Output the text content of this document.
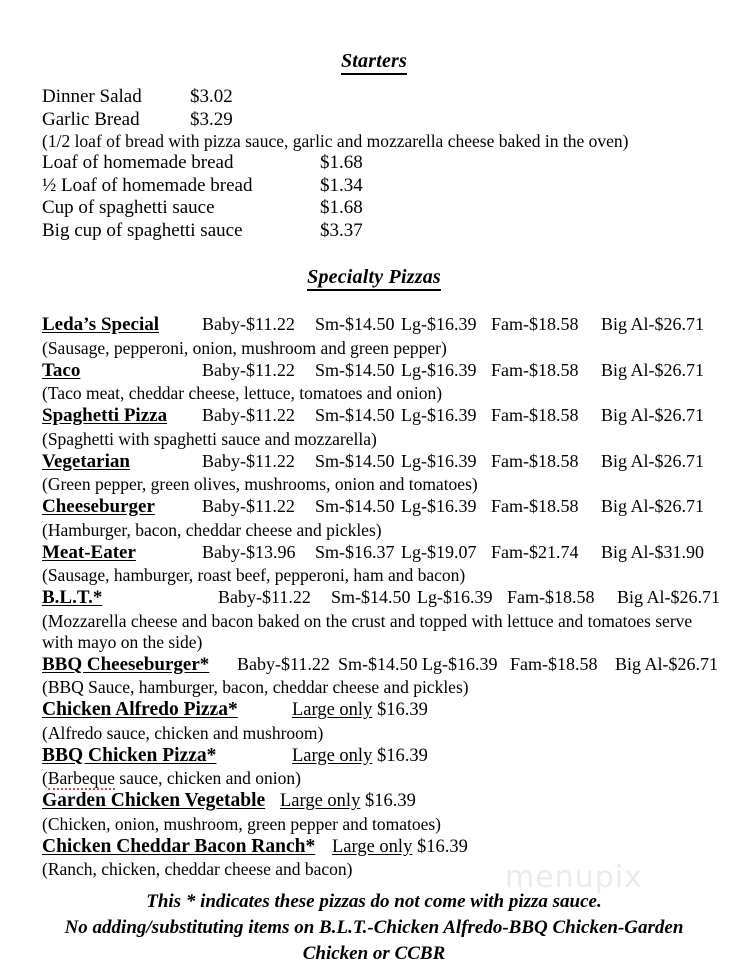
Starters
Dinner Salad	$3.02
Garlic Bread	$3.29
(1/2 loaf of bread with pizza sauce, garlic and mozzarella cheese baked in the oven)
Loaf of homemade bread	$1.68
½ Loaf of homemade bread	$1.34
Cup of spaghetti sauce	$1.68
Big cup of spaghetti sauce	$3.37
Specialty Pizzas
Leda’s Special Baby-$11.22 Sm-$14.50 Lg-$16.39 Fam-$18.58 Big Al-$26.71
(Sausage, pepperoni, onion, mushroom and green pepper)
Taco	Baby-$11.22 Sm-$14.50 Lg-$16.39 Fam-$18.58 Big Al-$26.71
(Taco meat, cheddar cheese, lettuce, tomatoes and onion)
Spaghetti Pizza Baby-$11.22 Sm-$14.50 Lg-$16.39 Fam-$18.58 Big Al-$26.71
(Spaghetti with spaghetti sauce and mozzarella)
Vegetarian	Baby-$11.22 Sm-$14.50 Lg-$16.39 Fam-$18.58 Big Al-$26.71
(Green pepper, green olives, mushrooms, onion and tomatoes)
Cheeseburger	Baby-$11.22 Sm-$14.50 Lg-$16.39 Fam-$18.58 Big Al-$26.71
(Hamburger, bacon, cheddar cheese and pickles)
Meat-Eater	Baby-$13.96 Sm-$16.37 Lg-$19.07 Fam-$21.74 Big Al-$31.90
(Sausage, hamburger, roast beef, pepperoni, ham and bacon)
B.L.T.*	Baby-$11.22 Sm-$14.50 Lg-$16.39 Fam-$18.58 Big Al-$26.71
(Mozzarella cheese and bacon baked on the crust and topped with lettuce and tomatoes serve with mayo on the side)
BBQ Cheeseburger* Baby-$11.22 Sm-$14.50 Lg-$16.39 Fam-$18.58 Big Al-$26.71
(BBQ Sauce, hamburger, bacon, cheddar cheese and pickles)
Chicken Alfredo Pizza*	Large only $16.39
(Alfredo sauce, chicken and mushroom)
BBQ Chicken Pizza*	Large only $16.39
(Barbeque sauce, chicken and onion)
Garden Chicken Vegetable Large only $16.39
(Chicken, onion, mushroom, green pepper and tomatoes)
Chicken Cheddar Bacon Ranch* Large only $16.39
(Ranch, chicken, cheddar cheese and bacon)
This * indicates these pizzas do not come with pizza sauce.
No adding/substituting items on B.L.T.-Chicken Alfredo-BBQ Chicken-Garden
Chicken or CCBR
menupix
